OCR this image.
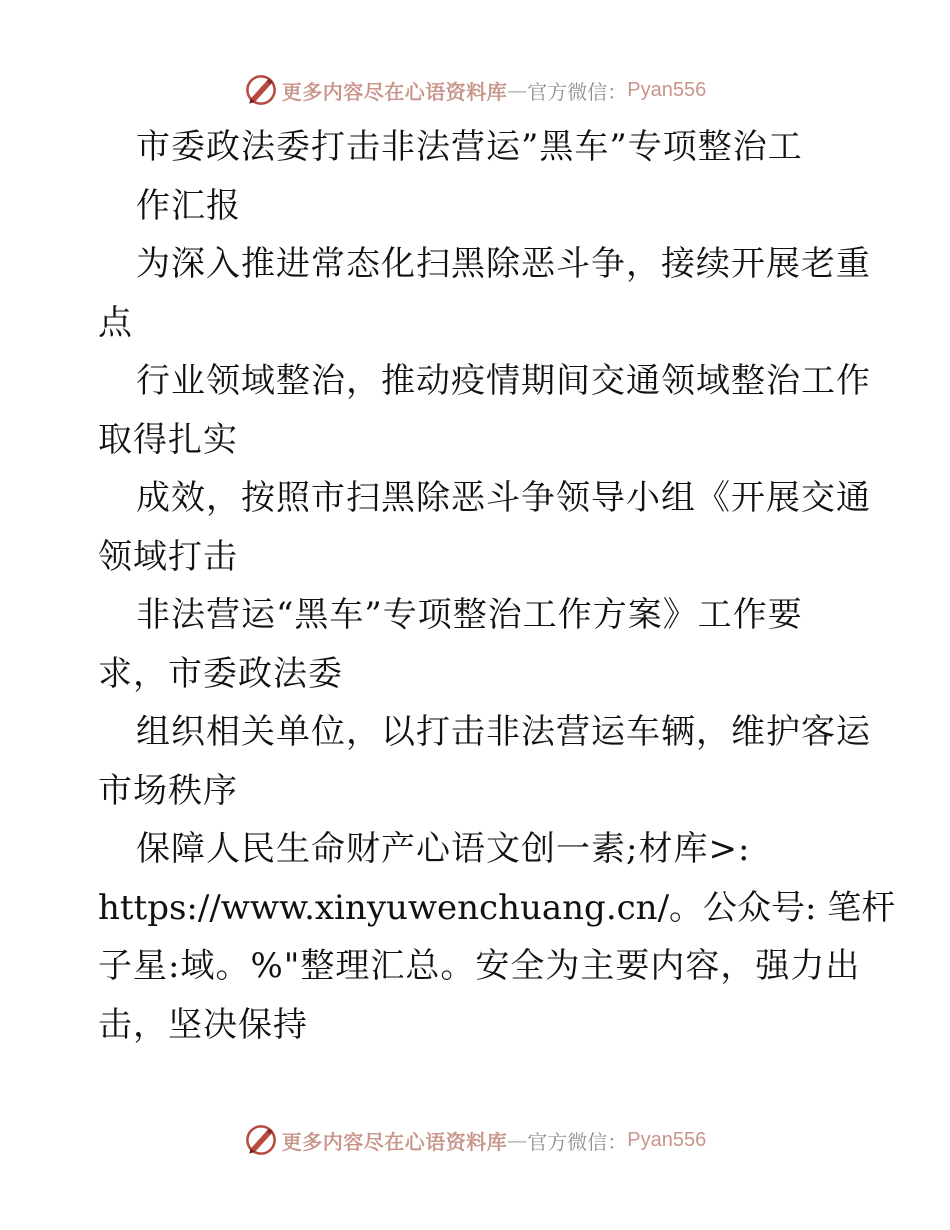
更多内容尽在心语资料库 — 官方微信： Pyan556
市委政法委打击非法营运”黑车”专项整治工
作汇报
为深入推进常态化扫黑除恶斗争，接续开展老重
点
行业领域整治，推动疫情期间交通领域整治工作
取得扎实
成效，按照市扫黑除恶斗争领导小组《开展交通
领域打击
非法营运“黑车”专项整治工作方案》工作要
求，市委政法委
组织相关单位，以打击非法营运车辆，维护客运
市场秩序
保障人民生命财产心语文创一素;材库>:
https://www.xinyuwenchuang.cn/。公众号: 笔杆
子星:域。%"整理汇总。安全为主要内容，强力出
击，坚决保持
更多内容尽在心语资料库 — 官方微信： Pyan556
